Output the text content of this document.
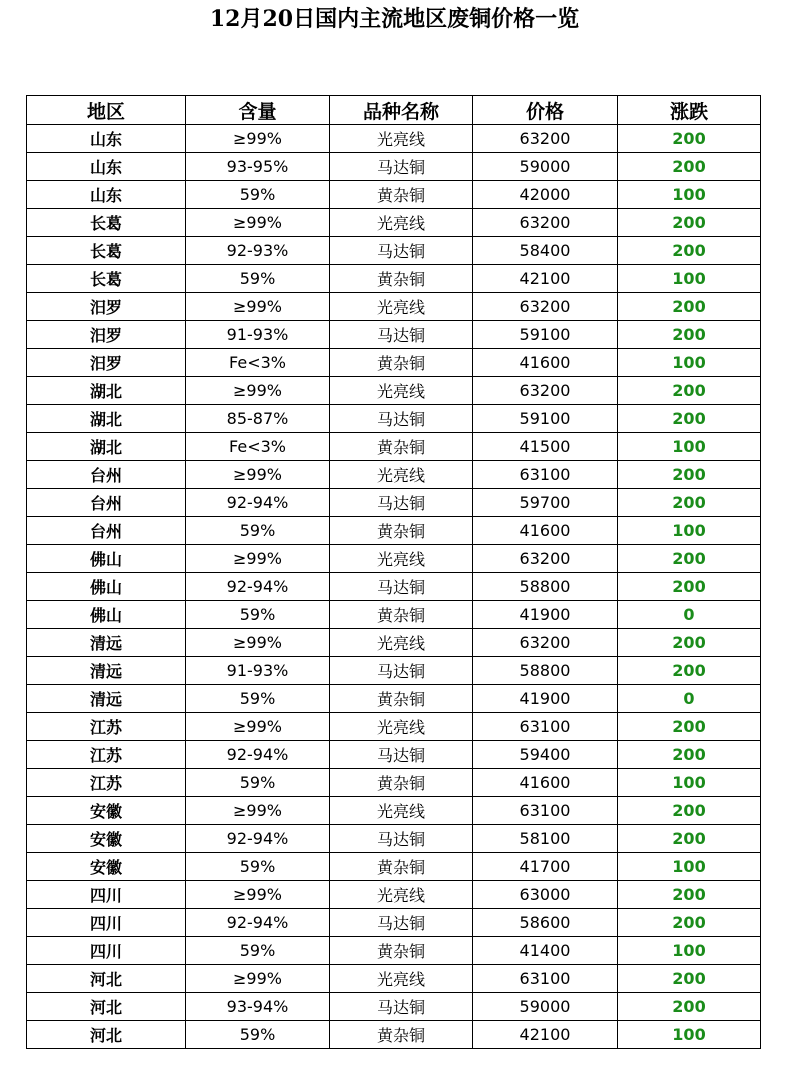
12月20日国内主流地区废铜价格一览
地区	含量	品种名称	价格	涨跌
山东	≥99%	光亮线	63200	200
山东	93-95%	马达铜	59000	200
山东	59%	黄杂铜	42000	100
长葛	≥99%	光亮线	63200	200
长葛	92-93%	马达铜	58400	200
长葛	59%	黄杂铜	42100	100
汨罗	≥99%	光亮线	63200	200
汨罗	91-93%	马达铜	59100	200
汨罗	Fe<3%	黄杂铜	41600	100
湖北	≥99%	光亮线	63200	200
湖北	85-87%	马达铜	59100	200
湖北	Fe<3%	黄杂铜	41500	100
台州	≥99%	光亮线	63100	200
台州	92-94%	马达铜	59700	200
台州	59%	黄杂铜	41600	100
佛山	≥99%	光亮线	63200	200
佛山	92-94%	马达铜	58800	200
佛山	59%	黄杂铜	41900	0
清远	≥99%	光亮线	63200	200
清远	91-93%	马达铜	58800	200
清远	59%	黄杂铜	41900	0
江苏	≥99%	光亮线	63100	200
江苏	92-94%	马达铜	59400	200
江苏	59%	黄杂铜	41600	100
安徽	≥99%	光亮线	63100	200
安徽	92-94%	马达铜	58100	200
安徽	59%	黄杂铜	41700	100
四川	≥99%	光亮线	63000	200
四川	92-94%	马达铜	58600	200
四川	59%	黄杂铜	41400	100
河北	≥99%	光亮线	63100	200
河北	93-94%	马达铜	59000	200
河北	59%	黄杂铜	42100	100
